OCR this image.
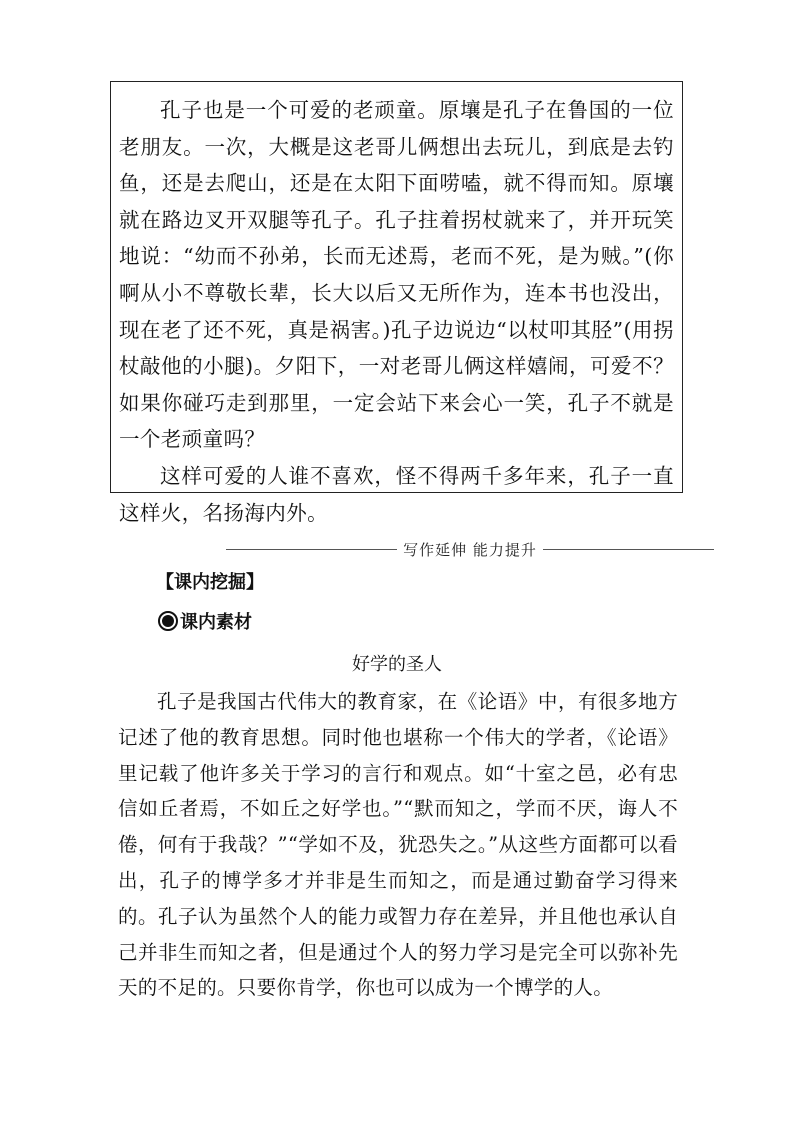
孔子也是一个可爱的老顽童。原壤是孔子在鲁国的一位老朋友。一次，大概是这老哥儿俩想出去玩儿，到底是去钓鱼，还是去爬山，还是在太阳下面唠嗑，就不得而知。原壤就在路边叉开双腿等孔子。孔子拄着拐杖就来了，并开玩笑地说：“幼而不孙弟，长而无述焉，老而不死，是为贼。”(你啊从小不尊敬长辈，长大以后又无所作为，连本书也没出，现在老了还不死，真是祸害。)孔子边说边“以杖叩其胫”(用拐杖敲他的小腿)。夕阳下，一对老哥儿俩这样嬉闹，可爱不？如果你碰巧走到那里，一定会站下来会心一笑，孔子不就是一个老顽童吗？

这样可爱的人谁不喜欢，怪不得两千多年来，孔子一直这样火，名扬海内外。

写作延伸 能力提升
【课内挖掘】
课内素材
好学的圣人

孔子是我国古代伟大的教育家，在《论语》中，有很多地方记述了他的教育思想。同时他也堪称一个伟大的学者，《论语》里记载了他许多关于学习的言行和观点。如“十室之邑，必有忠信如丘者焉，不如丘之好学也。”“默而知之，学而不厌，诲人不倦，何有于我哉？”“学如不及，犹恐失之。”从这些方面都可以看出，孔子的博学多才并非是生而知之，而是通过勤奋学习得来的。孔子认为虽然个人的能力或智力存在差异，并且他也承认自己并非生而知之者，但是通过个人的努力学习是完全可以弥补先天的不足的。只要你肯学，你也可以成为一个博学的人。
